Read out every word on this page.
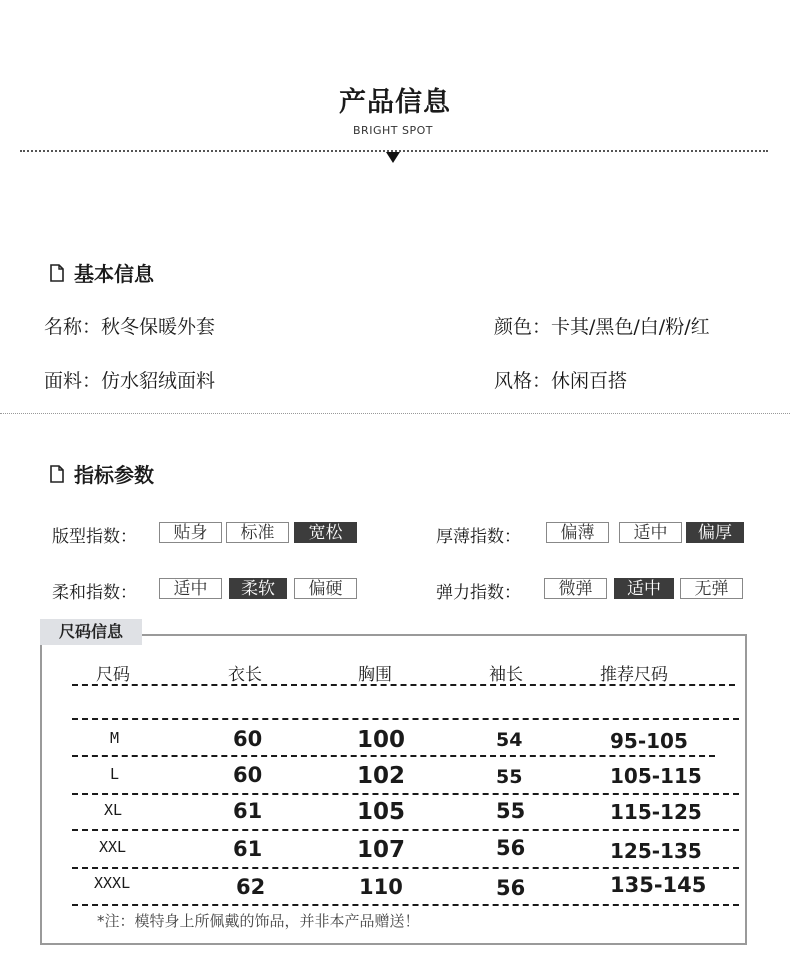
产品信息
BRIGHT SPOT
基本信息
名称：秋冬保暖外套	颜色：卡其/黑色/白/粉/红
面料：仿水貂绒面料	风格：休闲百搭
指标参数
版型指数：	贴身	标准	宽松	厚薄指数：	偏薄	适中	偏厚
柔和指数：	适中	柔软	偏硬	弹力指数：	微弹	适中	无弹
尺码信息
尺码	衣长	胸围	袖长	推荐尺码
M	60	100	54	95-105
L	60	102	55	105-115
XL	61	105	55	115-125
XXL	61	107	56	125-135
XXXL	62	110	56	135-145
*注：模特身上所佩戴的饰品，并非本产品赠送！
